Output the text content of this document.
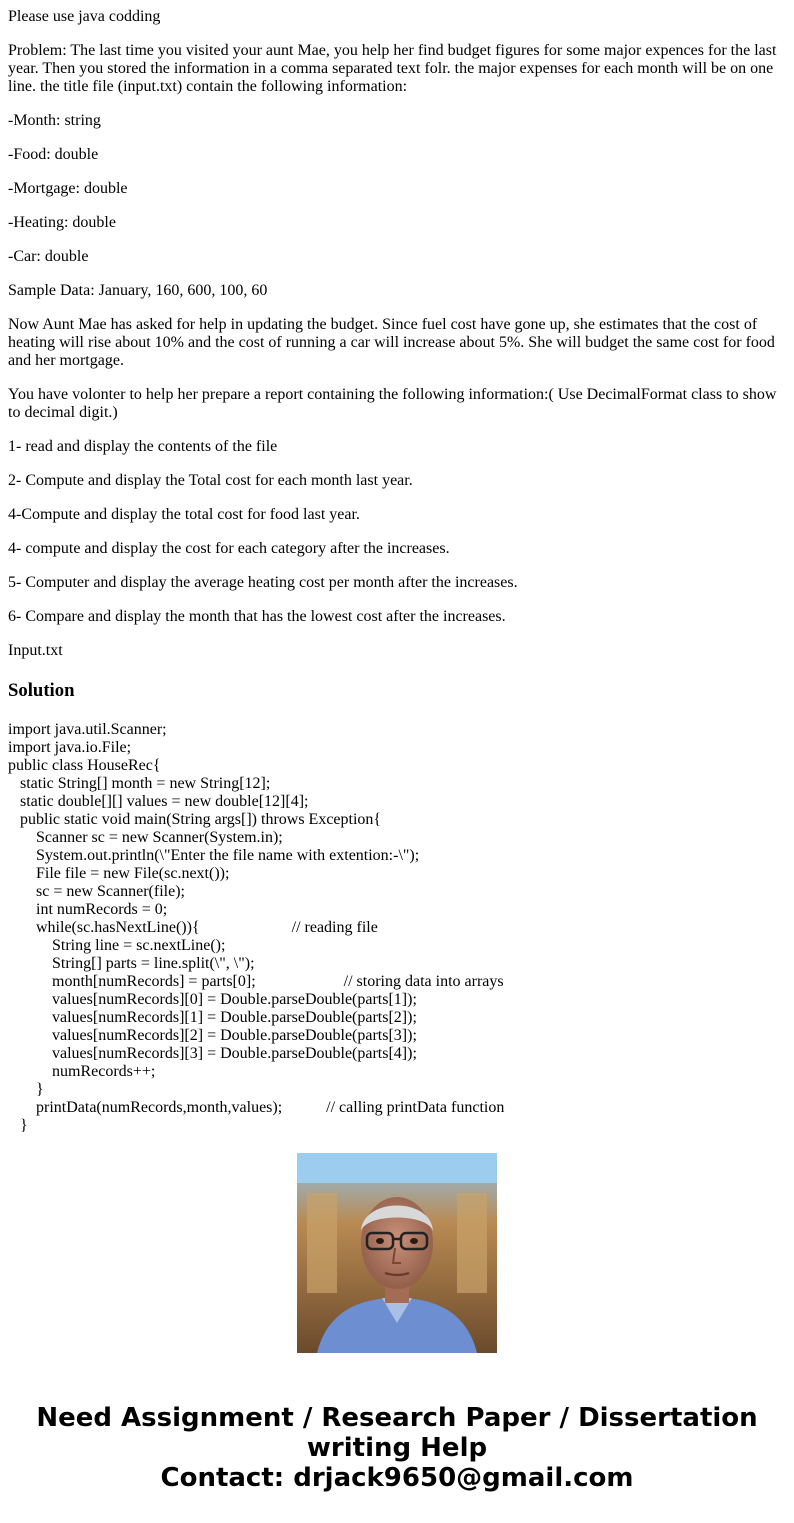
Please use java codding

Problem: The last time you visited your aunt Mae, you help her find budget figures for some major expences for the last year. Then you stored the information in a comma separated text folr. the major expenses for each month will be on one line. the title file (input.txt) contain the following information:

-Month: string

-Food: double

-Mortgage: double

-Heating: double

-Car: double

Sample Data: January, 160, 600, 100, 60

Now Aunt Mae has asked for help in updating the budget. Since fuel cost have gone up, she estimates that the cost of heating will rise about 10% and the cost of running a car will increase about 5%. She will budget the same cost for food and her mortgage.

You have volonter to help her prepare a report containing the following information:( Use DecimalFormat class to show to decimal digit.)

1- read and display the contents of the file

2- Compute and display the Total cost for each month last year.

4-Compute and display the total cost for food last year.

4- compute and display the cost for each category after the increases.

5- Computer and display the average heating cost per month after the increases.

6- Compare and display the month that has the lowest cost after the increases.

Input.txt

Solution
import java.util.Scanner;
import java.io.File;
public class HouseRec{
static String[] month = new String[12];
static double[][] values = new double[12][4];
public static void main(String args[]) throws Exception{
Scanner sc = new Scanner(System.in);
System.out.println(\"Enter the file name with extention:-\");
File file = new File(sc.next());
sc = new Scanner(file);
int numRecords = 0;
while(sc.hasNextLine()){                       // reading file
String line = sc.nextLine();
String[] parts = line.split(\", \");
month[numRecords] = parts[0];                      // storing data into arrays
values[numRecords][0] = Double.parseDouble(parts[1]);
values[numRecords][1] = Double.parseDouble(parts[2]);
values[numRecords][2] = Double.parseDouble(parts[3]);
values[numRecords][3] = Double.parseDouble(parts[4]);
numRecords++;
}
printData(numRecords,month,values);           // calling printData function
}
Need Assignment / Research Paper / Dissertation
writing Help
Contact: drjack9650@gmail.com
